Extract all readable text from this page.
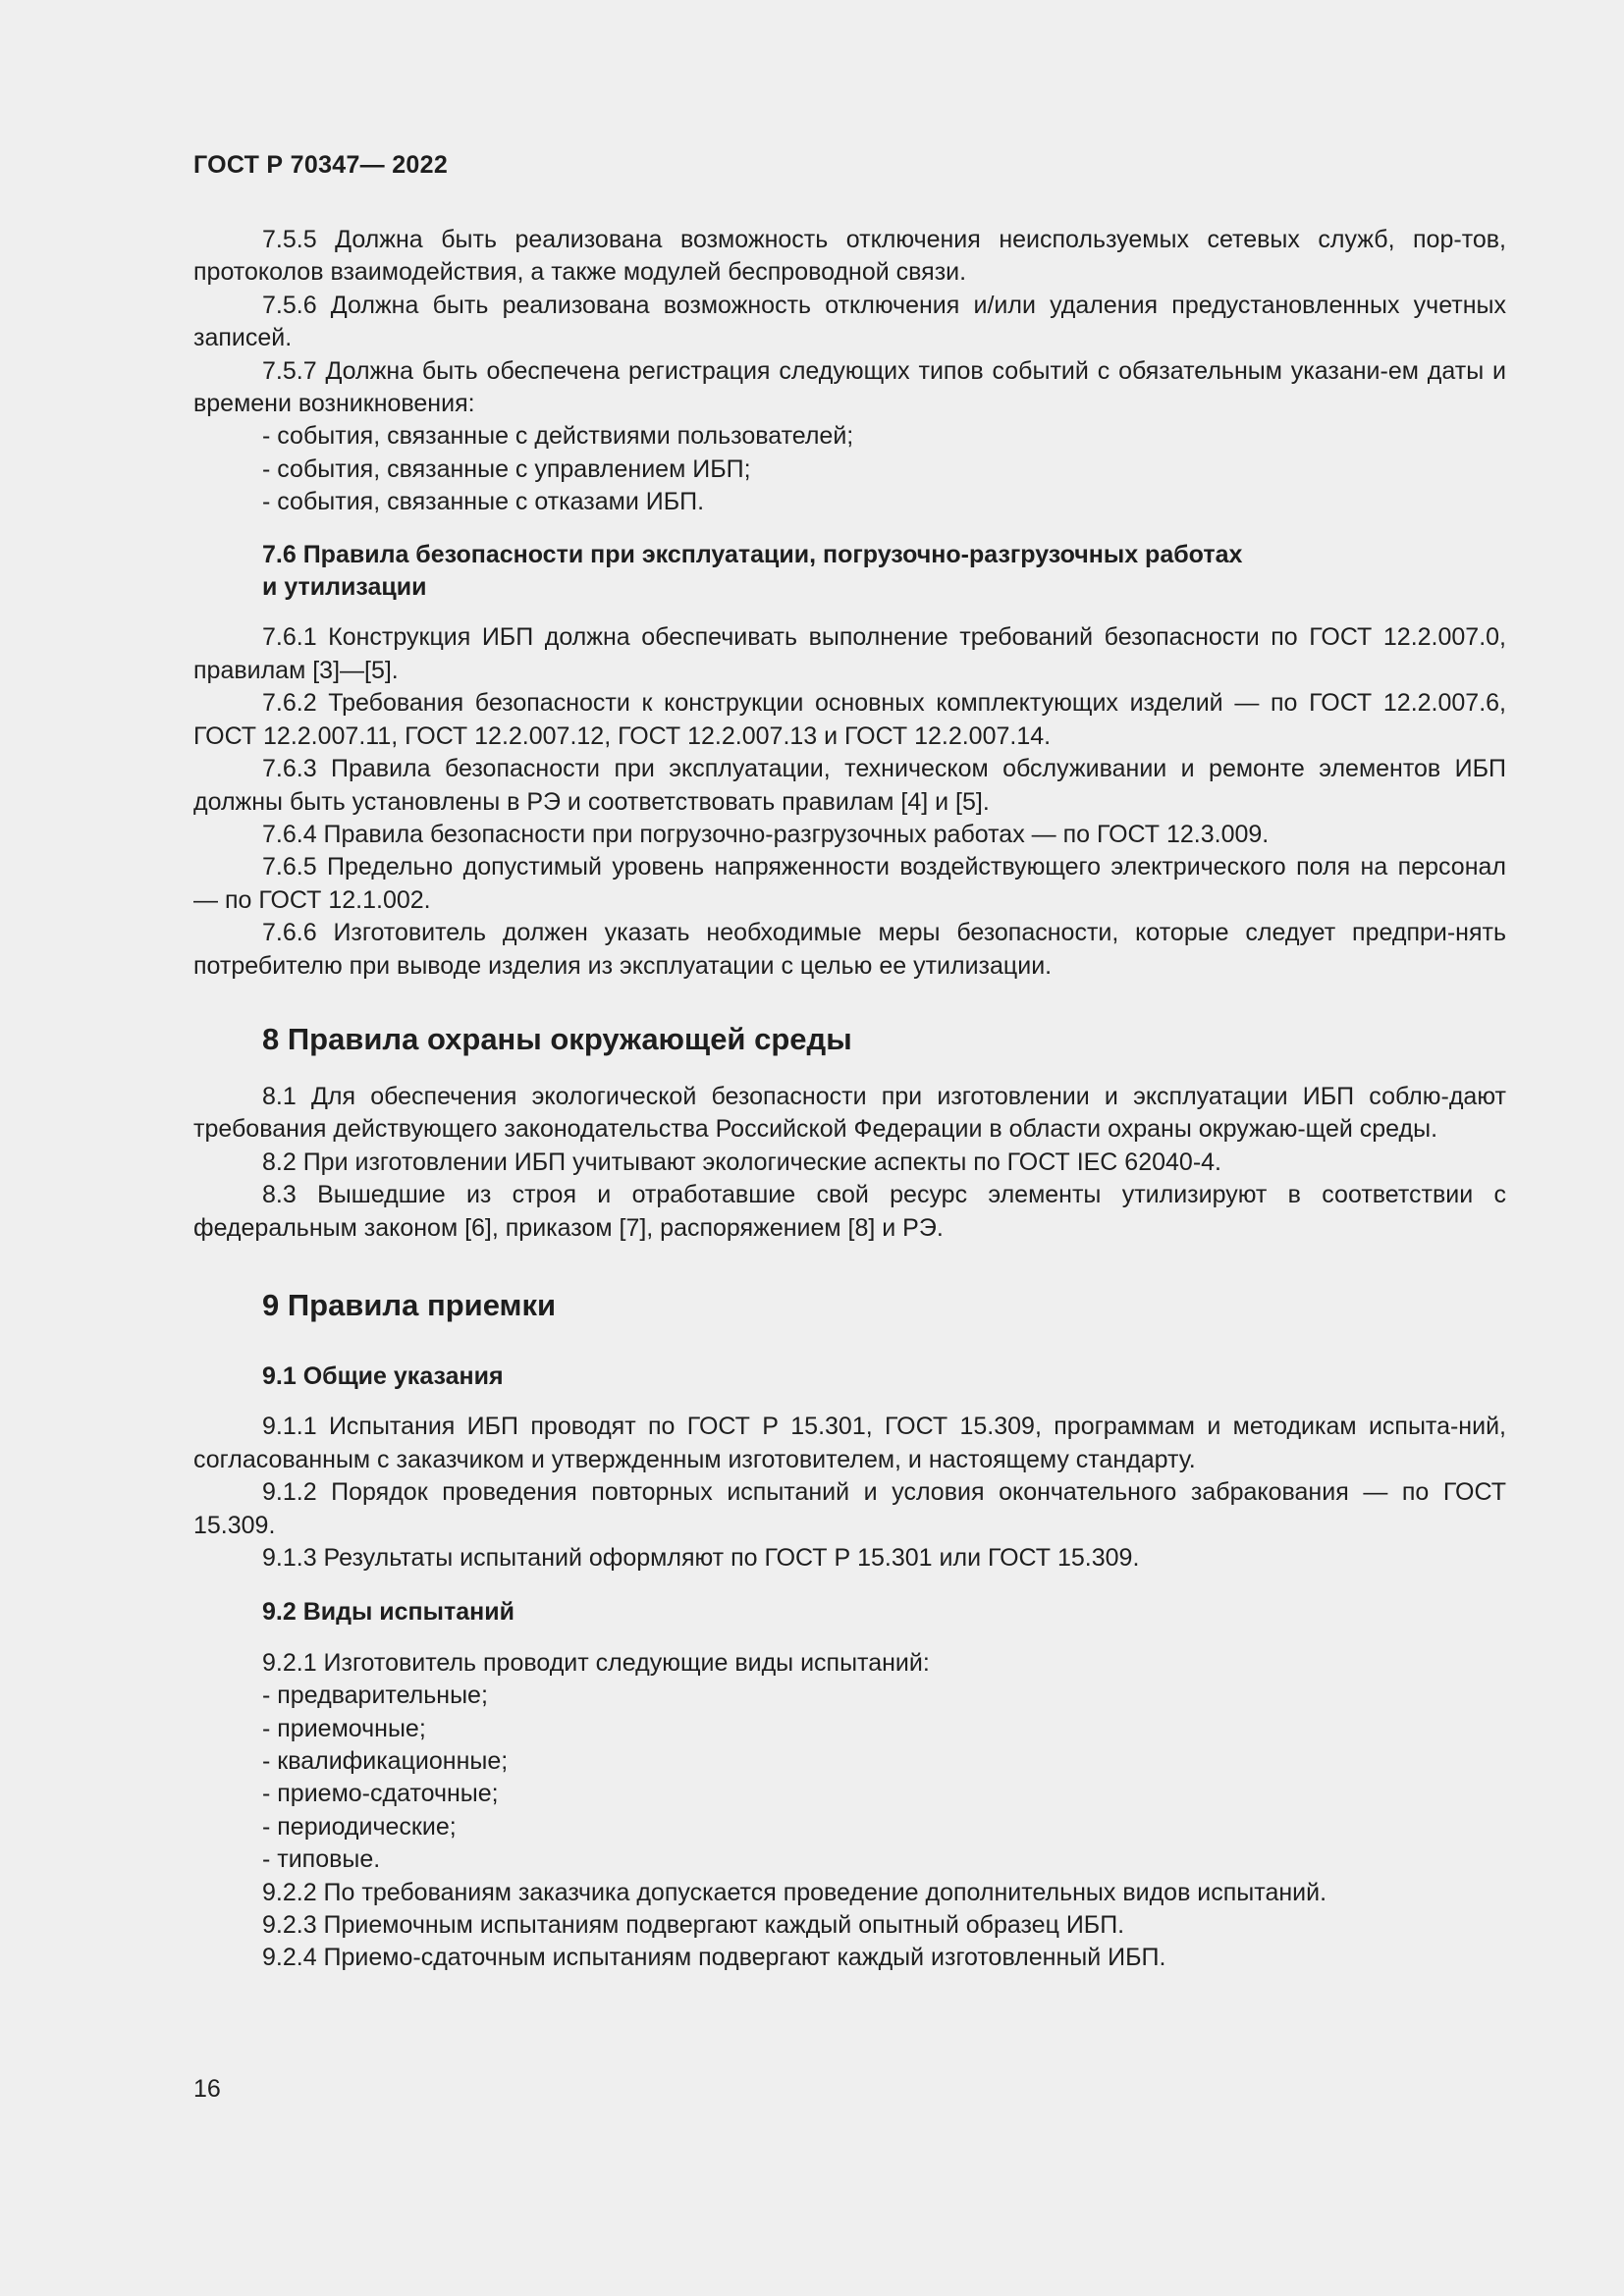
ГОСТ Р 70347— 2022

7.5.5 Должна быть реализована возможность отключения неиспользуемых сетевых служб, пор-тов, протоколов взаимодействия, а также модулей беспроводной связи.

7.5.6 Должна быть реализована возможность отключения и/или удаления предустановленных учетных записей.

7.5.7 Должна быть обеспечена регистрация следующих типов событий с обязательным указани-ем даты и времени возникновения:

- события, связанные с действиями пользователей;

- события, связанные с управлением ИБП;

- события, связанные с отказами ИБП.

7.6 Правила безопасности при эксплуатации, погрузочно-разгрузочных работах
и утилизации

7.6.1 Конструкция ИБП должна обеспечивать выполнение требований безопасности по ГОСТ 12.2.007.0, правилам [3]—[5].

7.6.2 Требования безопасности к конструкции основных комплектующих изделий — по ГОСТ 12.2.007.6, ГОСТ 12.2.007.11, ГОСТ 12.2.007.12, ГОСТ 12.2.007.13 и ГОСТ 12.2.007.14.

7.6.3 Правила безопасности при эксплуатации, техническом обслуживании и ремонте элементов ИБП должны быть установлены в РЭ и соответствовать правилам [4] и [5].

7.6.4 Правила безопасности при погрузочно-разгрузочных работах — по ГОСТ 12.3.009.

7.6.5 Предельно допустимый уровень напряженности воздействующего электрического поля на персонал — по ГОСТ 12.1.002.

7.6.6 Изготовитель должен указать необходимые меры безопасности, которые следует предпри-нять потребителю при выводе изделия из эксплуатации с целью ее утилизации.

8 Правила охраны окружающей среды

8.1 Для обеспечения экологической безопасности при изготовлении и эксплуатации ИБП соблю-дают требования действующего законодательства Российской Федерации в области охраны окружаю-щей среды.

8.2 При изготовлении ИБП учитывают экологические аспекты по ГОСТ IEC 62040-4.

8.3 Вышедшие из строя и отработавшие свой ресурс элементы утилизируют в соответствии с федеральным законом [6], приказом [7], распоряжением [8] и РЭ.

9 Правила приемки
9.1 Общие указания

9.1.1 Испытания ИБП проводят по ГОСТ Р 15.301, ГОСТ 15.309, программам и методикам испыта-ний, согласованным с заказчиком и утвержденным изготовителем, и настоящему стандарту.

9.1.2 Порядок проведения повторных испытаний и условия окончательного забракования — по ГОСТ 15.309.

9.1.3 Результаты испытаний оформляют по ГОСТ Р 15.301 или ГОСТ 15.309.

9.2 Виды испытаний

9.2.1 Изготовитель проводит следующие виды испытаний:

- предварительные;

- приемочные;

- квалификационные;

- приемо-сдаточные;

- периодические;

- типовые.

9.2.2 По требованиям заказчика допускается проведение дополнительных видов испытаний.

9.2.3 Приемочным испытаниям подвергают каждый опытный образец ИБП.

9.2.4 Приемо-сдаточным испытаниям подвергают каждый изготовленный ИБП.

16
